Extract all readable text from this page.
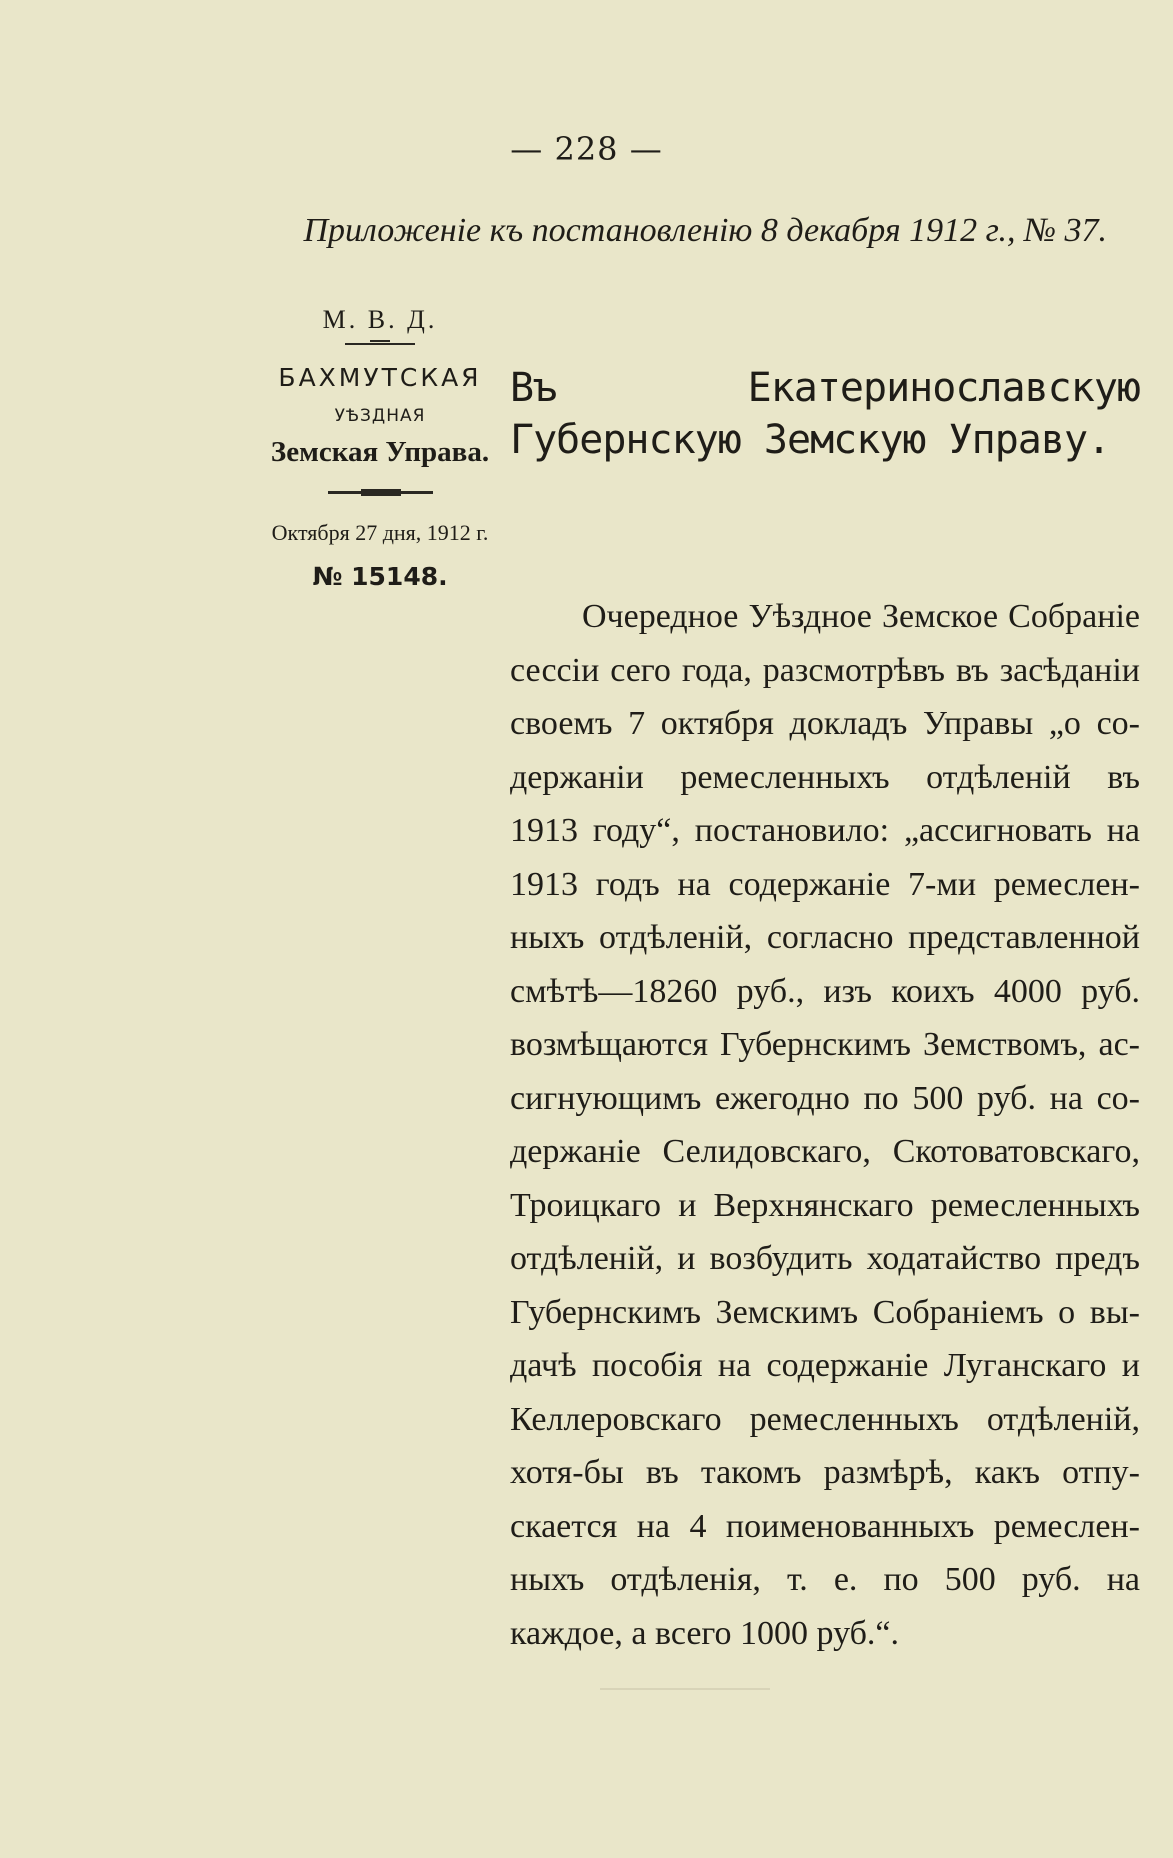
— 228 —
Приложенie къ постановленiю 8 декабря 1912 г., № 37.
М. В. Д.
БАХМУТСКАЯ
УѢЗДНАЯ
Земская Управа.
Октября 27 дня, 1912 г.
№ 15148.
Въ Екатеринославскую Губернскую Земскую Управу.
Очередное Уѣздное Земское Собранiе
сессiи сего года, разсмотрѣвъ въ засѣданiи
своемъ 7 октября докладъ Управы „о со-
держанiи ремесленныхъ отдѣленiй въ
1913 году“, постановило: „ассигновать на
1913 годъ на содержанiе 7-ми ремеслен-
ныхъ отдѣленiй, согласно представленной
смѣтѣ—18260 руб., изъ коихъ 4000 руб.
возмѣщаются Губернскимъ Земствомъ, ас-
сигнующимъ ежегодно по 500 руб. на со-
держанiе Селидовскаго, Скотоватовскаго,
Троицкаго и Верхнянскаго ремесленныхъ
отдѣленiй, и возбудить ходатайство предъ
Губернскимъ Земскимъ Собранiемъ о вы-
дачѣ пособiя на содержанiе Луганскаго и
Келлеровскаго ремесленныхъ отдѣленiй,
хотя-бы въ такомъ размѣрѣ, какъ отпу-
скается на 4 поименованныхъ ремеслен-
ныхъ отдѣленiя, т. е. по 500 руб. на
каждое, а всего 1000 руб.“.
